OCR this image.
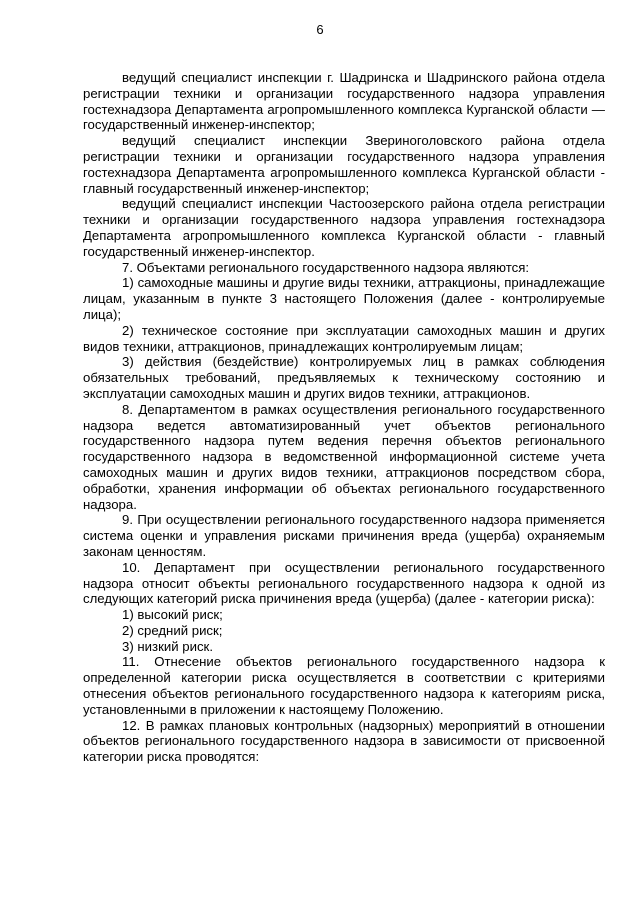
6

ведущий специалист инспекции г. Шадринска и Шадринского района отдела регистрации техники и организации государственного надзора управления гостехнадзора Департамента агропромышленного комплекса Курганской области — государственный инженер-инспектор;

ведущий специалист инспекции Звериноголовского района отдела регистрации техники и организации государственного надзора управления гостехнадзора Департамента агропромышленного комплекса Курганской области - главный государственный инженер-инспектор;

ведущий специалист инспекции Частоозерского района отдела регистрации техники и организации государственного надзора управления гостехнадзора Департамента агропромышленного комплекса Курганской области - главный государственный инженер-инспектор.

7. Объектами регионального государственного надзора являются:

1) самоходные машины и другие виды техники, аттракционы, принадлежащие лицам, указанным в пункте 3 настоящего Положения (далее - контролируемые лица);

2) техническое состояние при эксплуатации самоходных машин и других видов техники, аттракционов, принадлежащих контролируемым лицам;

3) действия (бездействие) контролируемых лиц в рамках соблюдения обязательных требований, предъявляемых к техническому состоянию и эксплуатации самоходных машин и других видов техники, аттракционов.

8. Департаментом в рамках осуществления регионального государственного надзора ведется автоматизированный учет объектов регионального государственного надзора путем ведения перечня объектов регионального государственного надзора в ведомственной информационной системе учета самоходных машин и других видов техники, аттракционов посредством сбора, обработки, хранения информации об объектах регионального государственного надзора.

9. При осуществлении регионального государственного надзора применяется система оценки и управления рисками причинения вреда (ущерба) охраняемым законам ценностям.

10. Департамент при осуществлении регионального государственного надзора относит объекты регионального государственного надзора к одной из следующих категорий риска причинения вреда (ущерба) (далее - категории риска):

1) высокий риск;

2) средний риск;

3) низкий риск.

11. Отнесение объектов регионального государственного надзора к определенной категории риска осуществляется в соответствии с критериями отнесения объектов регионального государственного надзора к категориям риска, установленными в приложении к настоящему Положению.

12. В рамках плановых контрольных (надзорных) мероприятий в отношении объектов регионального государственного надзора в зависимости от присвоенной категории риска проводятся:
